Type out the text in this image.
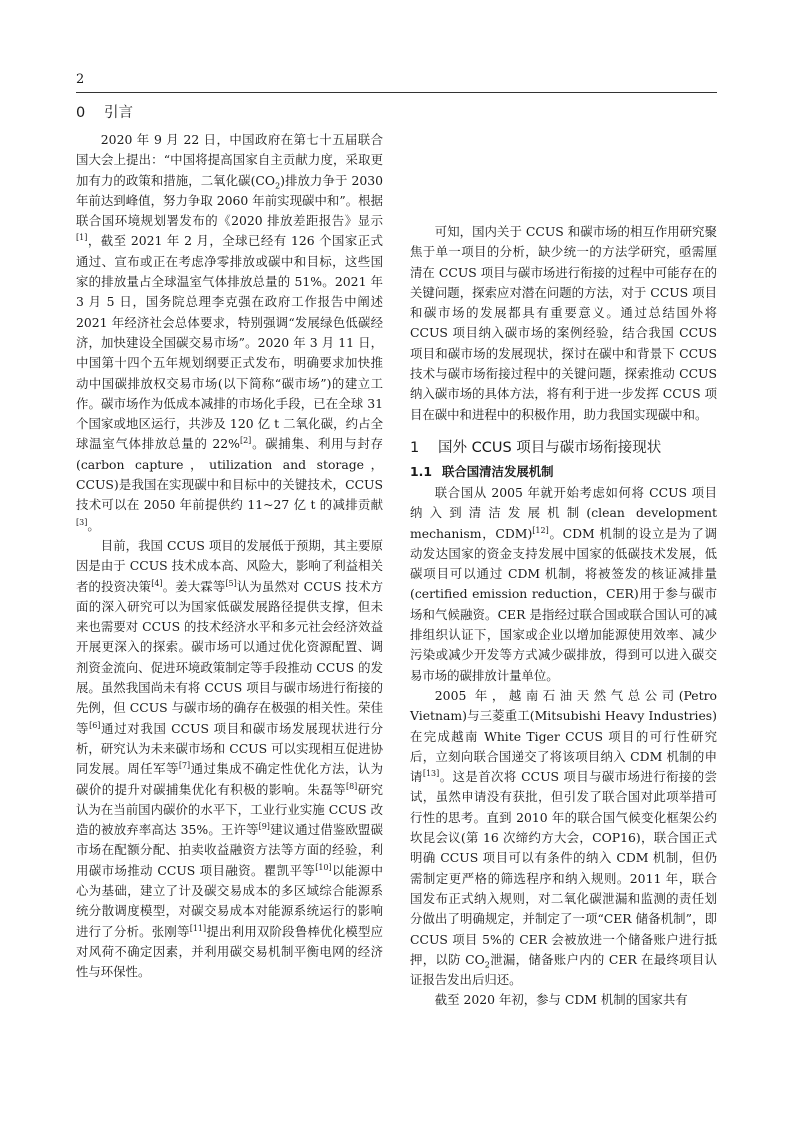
2
0 引言

2020 年 9 月 22 日，中国政府在第七十五届联合国大会上提出：“中国将提高国家自主贡献力度，采取更加有力的政策和措施，二氧化碳$(CO_2)$排放力争于 2030 年前达到峰值，努力争取 2060 年前实现碳中和”。根据联合国环境规划署发布的《2020 排放差距报告》显示[1]，截至 2021 年 2 月，全球已经有 126 个国家正式通过、宣布或正在考虑净零排放或碳中和目标，这些国家的排放量占全球温室气体排放总量的 51%。2021 年 3 月 5 日，国务院总理李克强在政府工作报告中阐述 2021 年经济社会总体要求，特别强调“发展绿色低碳经济，加快建设全国碳交易市场”。2020 年 3 月 11 日，中国第十四个五年规划纲要正式发布，明确要求加快推动中国碳排放权交易市场(以下简称“碳市场”)的建立工作。碳市场作为低成本减排的市场化手段，已在全球 31 个国家或地区运行，共涉及 120 亿 t 二氧化碳，约占全球温室气体排放总量的 22%[2]。碳捕集、利用与封存(carbon capture，utilization and storage，CCUS)是我国在实现碳中和目标中的关键技术，CCUS 技术可以在 2050 年前提供约 11~27 亿 t 的减排贡献[3]。

目前，我国 CCUS 项目的发展低于预期，其主要原因是由于 CCUS 技术成本高、风险大，影响了利益相关者的投资决策[4]。姜大霖等[5]认为虽然对 CCUS 技术方面的深入研究可以为国家低碳发展路径提供支撑，但未来也需要对 CCUS 的技术经济水平和多元社会经济效益开展更深入的探索。碳市场可以通过优化资源配置、调剂资金流向、促进环境政策制定等手段推动 CCUS 的发展。虽然我国尚未有将 CCUS 项目与碳市场进行衔接的先例，但 CCUS 与碳市场的确存在极强的相关性。荣佳等[6]通过对我国 CCUS 项目和碳市场发展现状进行分析，研究认为未来碳市场和 CCUS 可以实现相互促进协同发展。周任军等[7]通过集成不确定性优化方法，认为碳价的提升对碳捕集优化有积极的影响。朱磊等[8]研究认为在当前国内碳价的水平下，工业行业实施 CCUS 改造的被放弃率高达 35%。王许等[9]建议通过借鉴欧盟碳市场在配额分配、拍卖收益融资方法等方面的经验，利用碳市场推动 CCUS 项目融资。瞿凯平等[10]以能源中心为基础，建立了计及碳交易成本的多区域综合能源系统分散调度模型，对碳交易成本对能源系统运行的影响进行了分析。张刚等[11]提出利用双阶段鲁棒优化模型应对风荷不确定因素，并利用碳交易机制平衡电网的经济性与环保性。

可知，国内关于 CCUS 和碳市场的相互作用研究聚焦于单一项目的分析，缺少统一的方法学研究，亟需厘清在 CCUS 项目与碳市场进行衔接的过程中可能存在的关键问题，探索应对潜在问题的方法，对于 CCUS 项目和碳市场的发展都具有重要意义。通过总结国外将 CCUS 项目纳入碳市场的案例经验，结合我国 CCUS 项目和碳市场的发展现状，探讨在碳中和背景下 CCUS 技术与碳市场衔接过程中的关键问题，探索推动 CCUS 纳入碳市场的具体方法，将有利于进一步发挥 CCUS 项目在碳中和进程中的积极作用，助力我国实现碳中和。

1 国外 CCUS 项目与碳市场衔接现状
1.1 联合国清洁发展机制

联合国从 2005 年就开始考虑如何将 CCUS 项目纳入到清洁发展机制(clean development mechanism，CDM)[12]。CDM 机制的设立是为了调动发达国家的资金支持发展中国家的低碳技术发展，低碳项目可以通过 CDM 机制，将被签发的核证减排量(certified emission reduction，CER)用于参与碳市场和气候融资。CER 是指经过联合国或联合国认可的减排组织认证下，国家或企业以增加能源使用效率、减少污染或减少开发等方式减少碳排放，得到可以进入碳交易市场的碳排放计量单位。

2005 年，越南石油天然气总公司(Petro Vietnam)与三菱重工(Mitsubishi Heavy Industries)在完成越南 White Tiger CCUS 项目的可行性研究后，立刻向联合国递交了将该项目纳入 CDM 机制的申请[13]。这是首次将 CCUS 项目与碳市场进行衔接的尝试，虽然申请没有获批，但引发了联合国对此项举措可行性的思考。直到 2010 年的联合国气候变化框架公约坎昆会议(第 16 次缔约方大会，COP16)，联合国正式明确 CCUS 项目可以有条件的纳入 CDM 机制，但仍需制定更严格的筛选程序和纳入规则。2011 年，联合国发布正式纳入规则，对二氧化碳泄漏和监测的责任划分做出了明确规定，并制定了一项“CER 储备机制”，即 CCUS 项目 5%的 CER 会被放进一个储备账户进行抵押，以防 $CO_2$泄漏，储备账户内的 CER 在最终项目认证报告发出后归还。

截至 2020 年初，参与 CDM 机制的国家共有
